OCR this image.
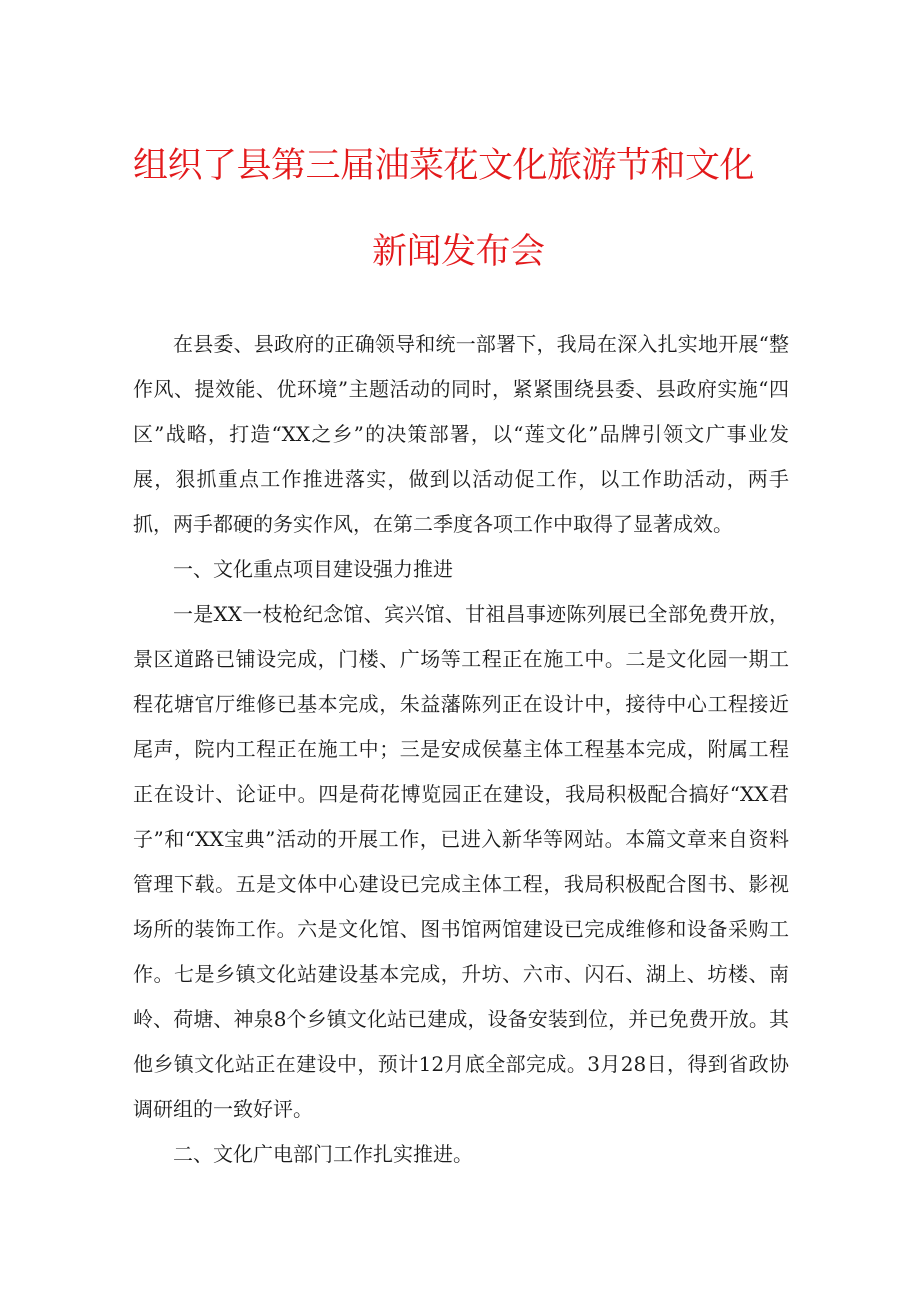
组织了县第三届油菜花文化旅游节和文化
新闻发布会

在县委、县政府的正确领导和统一部署下，我局在深入扎实地开展“整作风、提效能、优环境”主题活动的同时，紧紧围绕县委、县政府实施“四区”战略，打造“XX之乡”的决策部署，以“莲文化”品牌引领文广事业发展，狠抓重点工作推进落实，做到以活动促工作，以工作助活动，两手抓，两手都硬的务实作风，在第二季度各项工作中取得了显著成效。

一、文化重点项目建设强力推进

一是XX一枝枪纪念馆、宾兴馆、甘祖昌事迹陈列展已全部免费开放，景区道路已铺设完成，门楼、广场等工程正在施工中。二是文化园一期工程花塘官厅维修已基本完成，朱益藩陈列正在设计中，接待中心工程接近尾声，院内工程正在施工中；三是安成侯墓主体工程基本完成，附属工程正在设计、论证中。四是荷花博览园正在建设，我局积极配合搞好“XX君子”和“XX宝典”活动的开展工作，已进入新华等网站。本篇文章来自资料管理下载。五是文体中心建设已完成主体工程，我局积极配合图书、影视场所的装饰工作。六是文化馆、图书馆两馆建设已完成维修和设备采购工作。七是乡镇文化站建设基本完成，升坊、六市、闪石、湖上、坊楼、南岭、荷塘、神泉8个乡镇文化站已建成，设备安装到位，并已免费开放。其他乡镇文化站正在建设中，预计12月底全部完成。3月28日，得到省政协调研组的一致好评。

二、文化广电部门工作扎实推进。
